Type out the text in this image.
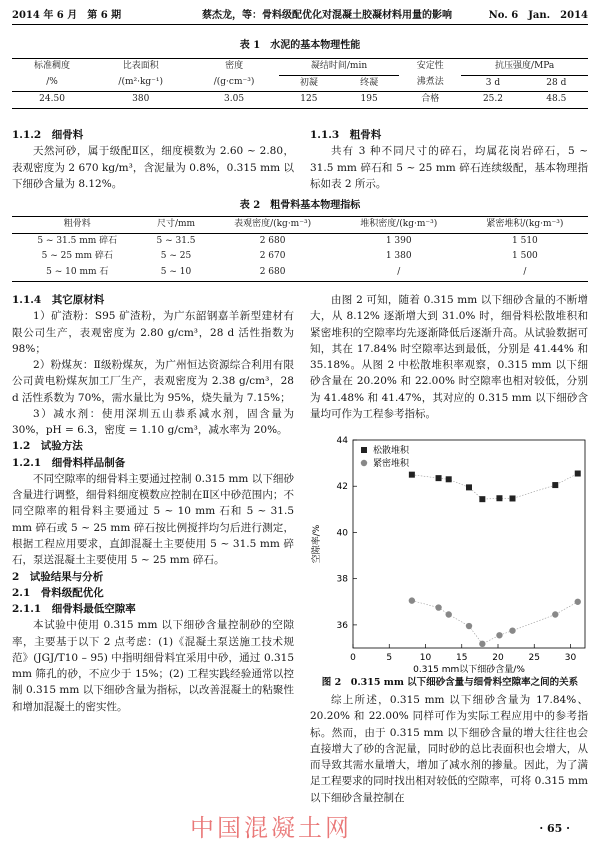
2014 年 6 月　第 6 期	蔡杰龙，等：骨料级配优化对混凝土胶凝材料用量的影响	No. 6　Jan.　2014
表 1　水泥的基本物理性能
标准稠度	比表面积	密度	凝结时间/min		安定性	抗压强度/MPa	
/%	/(m²·kg⁻¹)	/(g·cm⁻³)	初凝	终凝	沸煮法	3 d	28 d
24.50	380	3.05	125	195	合格	25.2	48.5
1.1.2　细骨料

天然河砂，属于级配Ⅱ区，细度模数为 2.60 ~ 2.80，表观密度为 2 670 kg/m³，含泥量为 0.8%，0.315 mm 以下细砂含量为 8.12%。

1.1.3　粗骨料

共有 3 种不同尺寸的碎石，均属花岗岩碎石，5 ~ 31.5 mm 碎石和 5 ~ 25 mm 碎石连续级配，基本物理指标如表 2 所示。

表 2　粗骨料基本物理指标
粗骨料	尺寸/mm	表观密度/(kg·m⁻³)	堆积密度/(kg·m⁻³)	紧密堆积/(kg·m⁻³)
5 ~ 31.5 mm 碎石	5 ~ 31.5	2 680	1 390	1 510
5 ~ 25 mm 碎石	5 ~ 25	2 670	1 380	1 500
5 ~ 10 mm 石	5 ~ 10	2 680	/	/
1.1.4　其它原材料

1）矿渣粉：S95 矿渣粉，为广东韶钢嘉羊新型建材有限公司生产，表观密度为 2.80 g/cm³，28 d 活性指数为 98%；

2）粉煤灰：Ⅱ级粉煤灰，为广州恒达资源综合利用有限公司黄电粉煤灰加工厂生产，表观密度为 2.38 g/cm³，28 d 活性系数为 70%，需水量比为 95%，烧失量为 7.15%；

3）减水剂：使用深圳五山恭系减水剂，固含量为 30%，pH = 6.3，密度 = 1.10 g/cm³，减水率为 20%。

1.2　试验方法
1.2.1　细骨料样品制备

不同空隙率的细骨料主要通过控制 0.315 mm 以下细砂含量进行调整，细骨料细度模数应控制在Ⅱ区中砂范围内；不同空隙率的粗骨料主要通过 5 ~ 10 mm 石和 5 ~ 31.5 mm 碎石或 5 ~ 25 mm 碎石按比例搅拌均匀后进行测定，根据工程应用要求，直卸混凝土主要使用 5 ~ 31.5 mm 碎石，泵送混凝土主要使用 5 ~ 25 mm 碎石。

2　试验结果与分析
2.1　骨料级配优化
2.1.1　细骨料最低空隙率

本试验中使用 0.315 mm 以下细砂含量控制砂的空隙率，主要基于以下 2 点考虑：(1)《混凝土泵送施工技术规范》(JGJ/T10 – 95) 中指明细骨料宜采用中砂，通过 0.315 mm 筛孔的砂，不应少于 15%；(2) 工程实践经验通常以控制 0.315 mm 以下细砂含量为指标，以改善混凝土的粘聚性和增加混凝土的密实性。

由图 2 可知，随着 0.315 mm 以下细砂含量的不断增大，从 8.12% 逐渐增大到 31.0% 时，细骨料松散堆积和紧密堆积的空隙率均先逐渐降低后逐渐升高。从试验数据可知，其在 17.84% 时空隙率达到最低，分别是 41.44% 和 35.18%。从图 2 中松散堆积率观察，0.315 mm 以下细砂含量在 20.20% 和 22.00% 时空隙率也相对较低，分别为 41.48% 和 41.47%，其对应的 0.315 mm 以下细砂含量均可作为工程参考指标。

0	5	10	15	20	25	30
36
38
40
42
44
0.315 mm以下细砂含量/%
空隙率/%
松散堆积
紧密堆积
图 2　0.315 mm 以下细砂含量与细骨料空隙率之间的关系

综上所述，0.315 mm 以下细砂含量为 17.84%、20.20% 和 22.00% 同样可作为实际工程应用中的参考指标。然而，由于 0.315 mm 以下细砂含量的增大往往也会直接增大了砂的含泥量，同时砂的总比表面积也会增大，从而导致其需水量增大，增加了减水剂的掺量。因此，为了满足工程要求的同时找出相对较低的空隙率，可将 0.315 mm 以下细砂含量控制在

中国混凝土网	· 65 ·
